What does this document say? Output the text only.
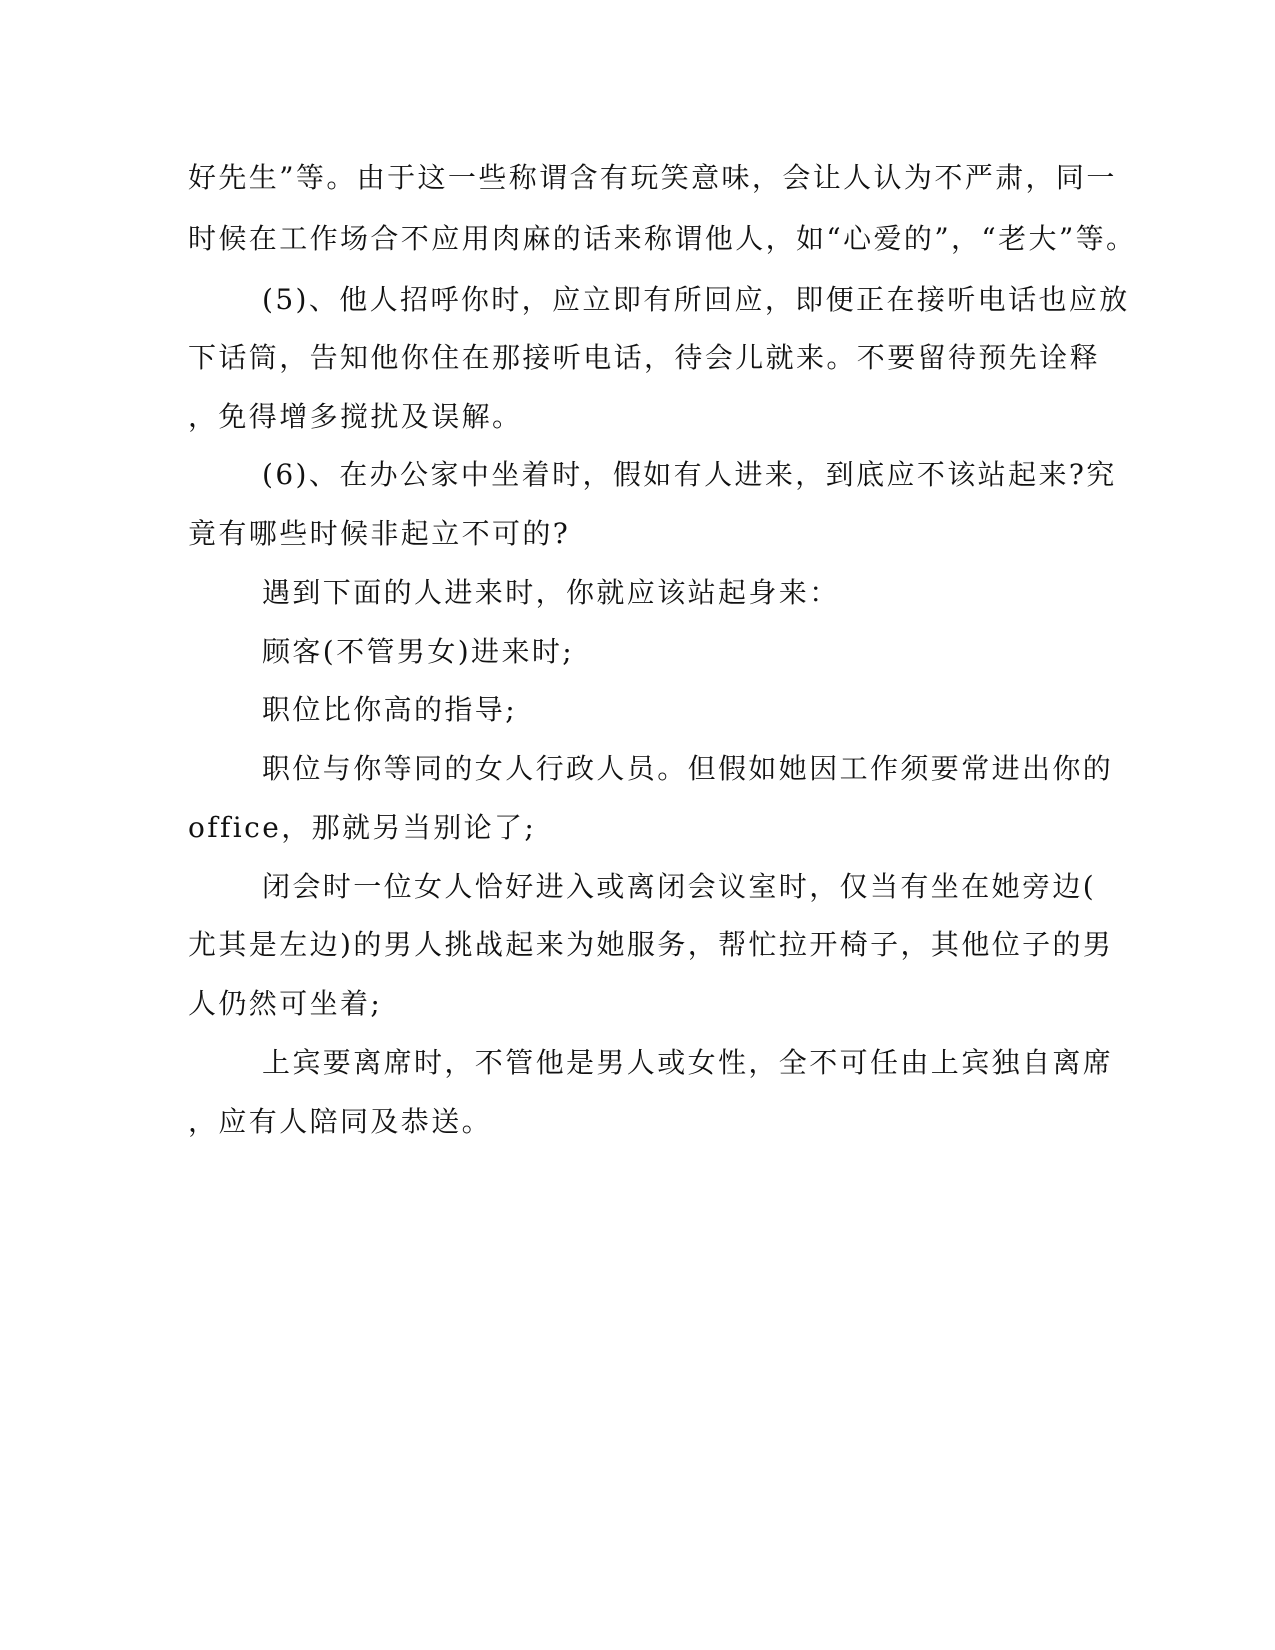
好先生”等。由于这一些称谓含有玩笑意味，会让人认为不严肃，同一
时候在工作场合不应用肉麻的话来称谓他人，如“心爱的”，“老大”等。
(5)、他人招呼你时，应立即有所回应，即便正在接听电话也应放
下话筒，告知他你住在那接听电话，待会儿就来。不要留待预先诠释
，免得增多搅扰及误解。
(6)、在办公家中坐着时，假如有人进来，到底应不该站起来?究
竟有哪些时候非起立不可的?
遇到下面的人进来时，你就应该站起身来：
顾客(不管男女)进来时;
职位比你高的指导;
职位与你等同的女人行政人员。但假如她因工作须要常进出你的
office，那就另当别论了;
闭会时一位女人恰好进入或离闭会议室时，仅当有坐在她旁边(
尤其是左边)的男人挑战起来为她服务，帮忙拉开椅子，其他位子的男
人仍然可坐着;
上宾要离席时，不管他是男人或女性，全不可任由上宾独自离席
，应有人陪同及恭送。
